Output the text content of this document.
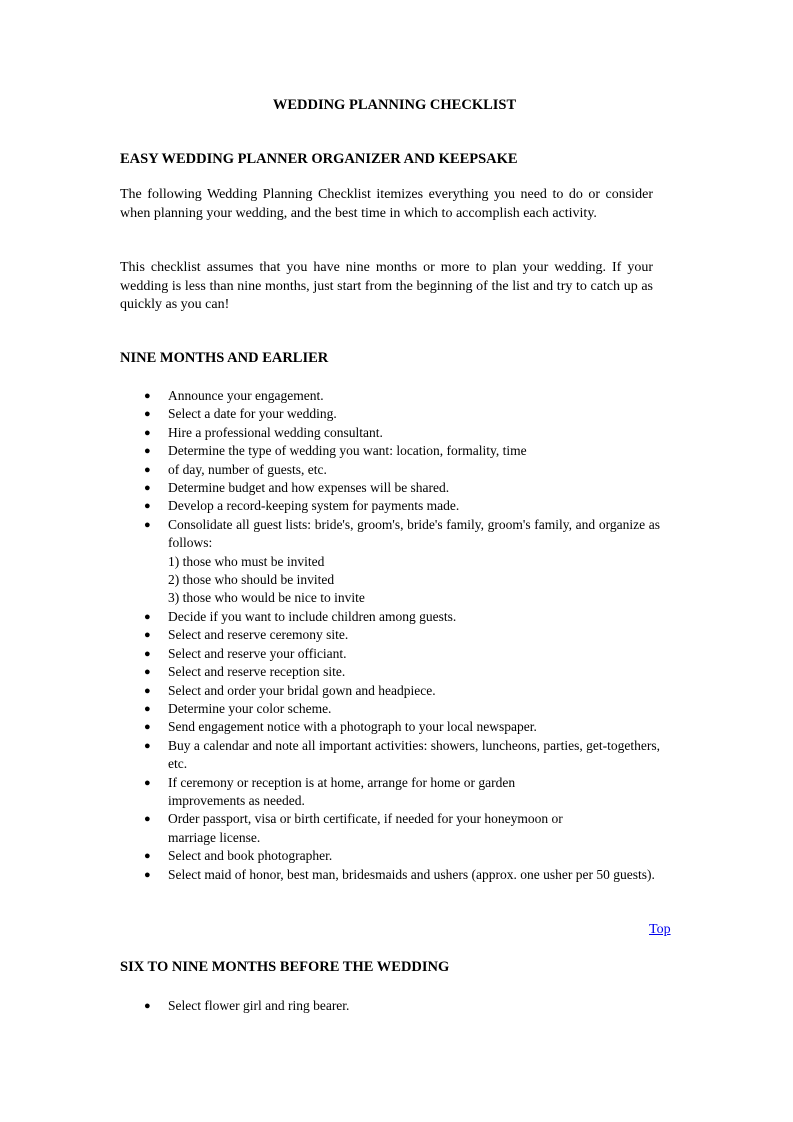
WEDDING PLANNING CHECKLIST
EASY WEDDING PLANNER ORGANIZER AND KEEPSAKE

The following Wedding Planning Checklist itemizes everything you need to do or consider when planning your wedding, and the best time in which to accomplish each activity.

This checklist assumes that you have nine months or more to plan your wedding. If your wedding is less than nine months, just start from the beginning of the list and try to catch up as quickly as you can!

NINE MONTHS AND EARLIER
● Announce your engagement.
● Select a date for your wedding.
● Hire a professional wedding consultant.
● Determine the type of wedding you want: location, formality, time
● of day, number of guests, etc.
● Determine budget and how expenses will be shared.
● Develop a record-keeping system for payments made.
● Consolidate all guest lists: bride's, groom's, bride's family, groom's family, and organize as follows:
1) those who must be invited
2) those who should be invited
3) those who would be nice to invite
● Decide if you want to include children among guests.
● Select and reserve ceremony site.
● Select and reserve your officiant.
● Select and reserve reception site.
● Select and order your bridal gown and headpiece.
● Determine your color scheme.
● Send engagement notice with a photograph to your local newspaper.
● Buy a calendar and note all important activities: showers, luncheons, parties, get-togethers, etc.
● If ceremony or reception is at home, arrange for home or garden
improvements as needed.
● Order passport, visa or birth certificate, if needed for your honeymoon or
marriage license.
● Select and book photographer.
● Select maid of honor, best man, bridesmaids and ushers (approx. one usher per 50 guests).
Top
SIX TO NINE MONTHS BEFORE THE WEDDING
● Select flower girl and ring bearer.
